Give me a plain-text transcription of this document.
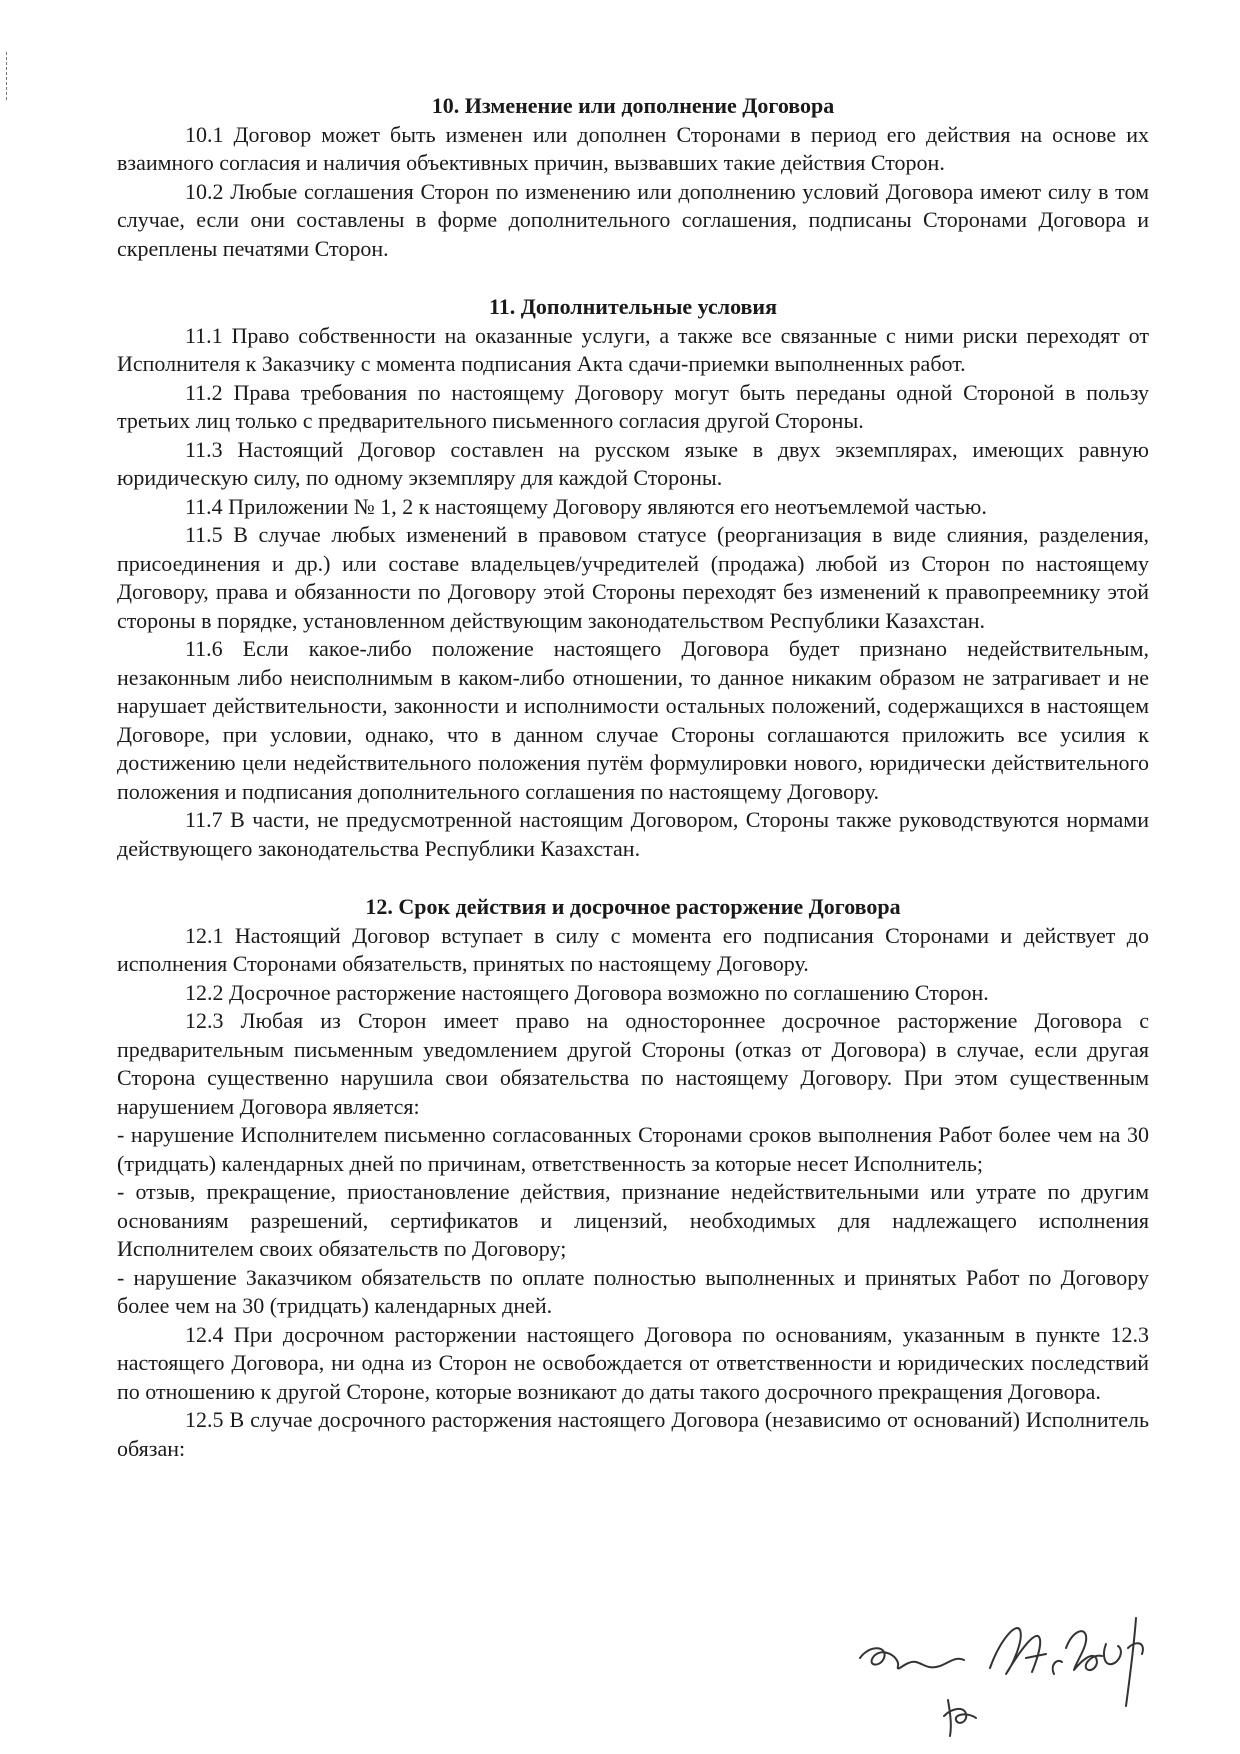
10. Изменение или дополнение Договора

10.1 Договор может быть изменен или дополнен Сторонами в период его действия на основе их взаимного согласия и наличия объективных причин, вызвавших такие действия Сторон.

10.2 Любые соглашения Сторон по изменению или дополнению условий Договора имеют силу в том случае, если они составлены в форме дополнительного соглашения, подписаны Сторонами Договора и скреплены печатями Сторон.

11. Дополнительные условия

11.1 Право собственности на оказанные услуги, а также все связанные с ними риски переходят от Исполнителя к Заказчику с момента подписания Акта сдачи-приемки выполненных работ.

11.2 Права требования по настоящему Договору могут быть переданы одной Стороной в пользу третьих лиц только с предварительного письменного согласия другой Стороны.

11.3 Настоящий Договор составлен на русском языке в двух экземплярах, имеющих равную юридическую силу, по одному экземпляру для каждой Стороны.

11.4 Приложении № 1, 2 к настоящему Договору являются его неотъемлемой частью.

11.5 В случае любых изменений в правовом статусе (реорганизация в виде слияния, разделения, присоединения и др.) или составе владельцев/учредителей (продажа) любой из Сторон по настоящему Договору, права и обязанности по Договору этой Стороны переходят без изменений к правопреемнику этой стороны в порядке, установленном действующим законодательством Республики Казахстан.

11.6 Если какое-либо положение настоящего Договора будет признано недействительным, незаконным либо неисполнимым в каком-либо отношении, то данное никаким образом не затрагивает и не нарушает действительности, законности и исполнимости остальных положений, содержащихся в настоящем Договоре, при условии, однако, что в данном случае Стороны соглашаются приложить все усилия к достижению цели недействительного положения путём формулировки нового, юридически действительного положения и подписания дополнительного соглашения по настоящему Договору.

11.7 В части, не предусмотренной настоящим Договором, Стороны также руководствуются нормами действующего законодательства Республики Казахстан.

12. Срок действия и досрочное расторжение Договора

12.1 Настоящий Договор вступает в силу с момента его подписания Сторонами и действует до исполнения Сторонами обязательств, принятых по настоящему Договору.

12.2 Досрочное расторжение настоящего Договора возможно по соглашению Сторон.

12.3 Любая из Сторон имеет право на одностороннее досрочное расторжение Договора с предварительным письменным уведомлением другой Стороны (отказ от Договора) в случае, если другая Сторона существенно нарушила свои обязательства по настоящему Договору. При этом существенным нарушением Договора является:

- нарушение Исполнителем письменно согласованных Сторонами сроков выполнения Работ более чем на 30 (тридцать) календарных дней по причинам, ответственность за которые несет Исполнитель;

- отзыв, прекращение, приостановление действия, признание недействительными или утрате по другим основаниям разрешений, сертификатов и лицензий, необходимых для надлежащего исполнения Исполнителем своих обязательств по Договору;

- нарушение Заказчиком обязательств по оплате полностью выполненных и принятых Работ по Договору более чем на 30 (тридцать) календарных дней.

12.4 При досрочном расторжении настоящего Договора по основаниям, указанным в пункте 12.3 настоящего Договора, ни одна из Сторон не освобождается от ответственности и юридических последствий по отношению к другой Стороне, которые возникают до даты такого досрочного прекращения Договора.

12.5 В случае досрочного расторжения настоящего Договора (независимо от оснований) Исполнитель обязан:
